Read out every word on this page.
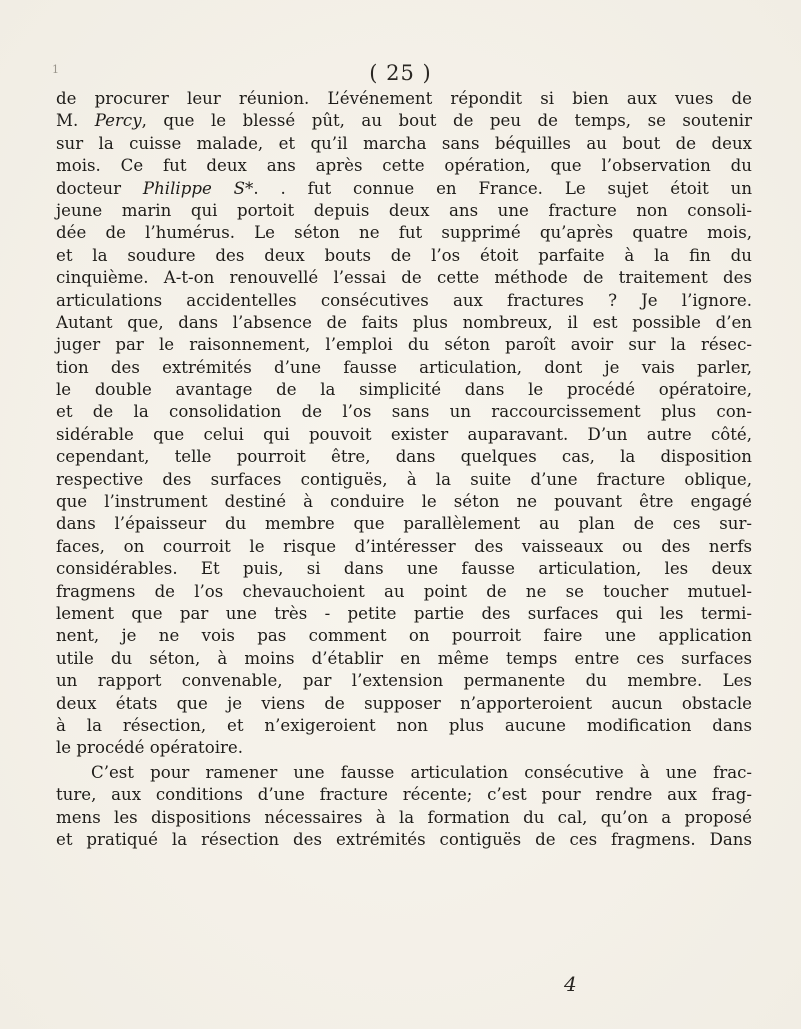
1	( 25 )
de procurer leur réunion. L’événement répondit si bien aux vues de
M. Percy, que le blessé pût, au bout de peu de temps, se soutenir
sur la cuisse malade, et qu’il marcha sans béquilles au bout de deux
mois. Ce fut deux ans après cette opération, que l’observation du
docteur Philippe S*. . fut connue en France. Le sujet étoit un
jeune marin qui portoit depuis deux ans une fracture non consoli-
dée de l’humérus. Le séton ne fut supprimé qu’après quatre mois,
et la soudure des deux bouts de l’os étoit parfaite à la fin du
cinquième. A-t-on renouvellé l’essai de cette méthode de traitement des
articulations accidentelles consécutives aux fractures ? Je l’ignore.
Autant que, dans l’absence de faits plus nombreux, il est possible d’en
juger par le raisonnement, l’emploi du séton paroît avoir sur la résec-
tion des extrémités d’une fausse articulation, dont je vais parler,
le double avantage de la simplicité dans le procédé opératoire,
et de la consolidation de l’os sans un raccourcissement plus con-
sidérable que celui qui pouvoit exister auparavant. D’un autre côté,
cependant, telle pourroit être, dans quelques cas, la disposition
respective des surfaces contiguës, à la suite d’une fracture oblique,
que l’instrument destiné à conduire le séton ne pouvant être engagé
dans l’épaisseur du membre que parallèlement au plan de ces sur-
faces, on courroit le risque d’intéresser des vaisseaux ou des nerfs
considérables. Et puis, si dans une fausse articulation, les deux
fragmens de l’os chevauchoient au point de ne se toucher mutuel-
lement que par une très - petite partie des surfaces qui les termi-
nent, je ne vois pas comment on pourroit faire une application
utile du séton, à moins d’établir en même temps entre ces surfaces
un rapport convenable, par l’extension permanente du membre. Les
deux états que je viens de supposer n’apporteroient aucun obstacle
à la résection, et n’exigeroient non plus aucune modification dans
le procédé opératoire.
C’est pour ramener une fausse articulation consécutive à une frac-
ture, aux conditions d’une fracture récente; c’est pour rendre aux frag-
mens les dispositions nécessaires à la formation du cal, qu’on a proposé
et pratiqué la résection des extrémités contiguës de ces fragmens. Dans
4
